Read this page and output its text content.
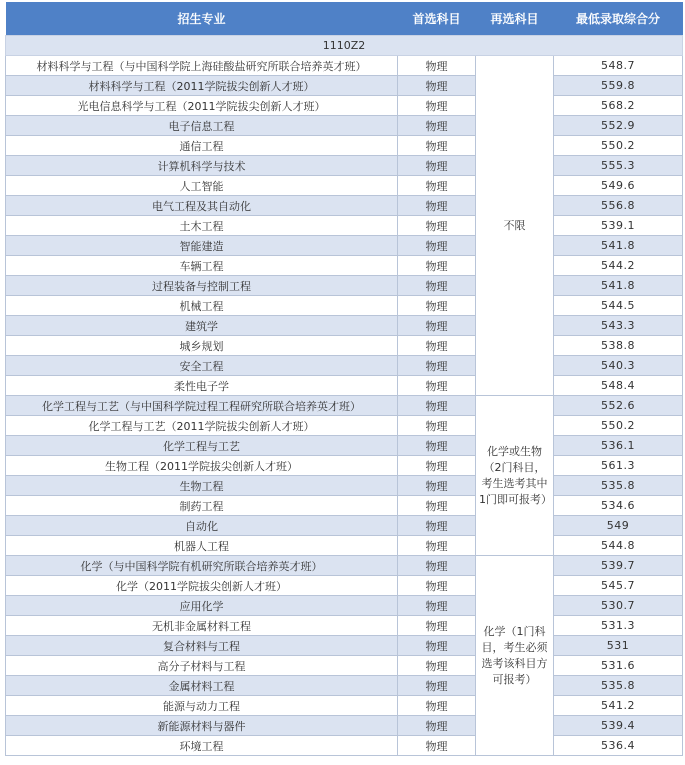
招生专业	首选科目	再选科目	最低录取综合分
1110Z2			
材料科学与工程（与中国科学院上海硅酸盐研究所联合培养英才班）	物理	不限	548.7
材料科学与工程（2011学院拔尖创新人才班）	物理		559.8
光电信息科学与工程（2011学院拔尖创新人才班）	物理		568.2
电子信息工程	物理		552.9
通信工程	物理		550.2
计算机科学与技术	物理		555.3
人工智能	物理		549.6
电气工程及其自动化	物理		556.8
土木工程	物理		539.1
智能建造	物理		541.8
车辆工程	物理		544.2
过程装备与控制工程	物理		541.8
机械工程	物理		544.5
建筑学	物理		543.3
城乡规划	物理		538.8
安全工程	物理		540.3
柔性电子学	物理		548.4
化学工程与工艺（与中国科学院过程工程研究所联合培养英才班）	物理	化学或生物（2门科目，考生选考其中1门即可报考）	552.6
化学工程与工艺（2011学院拔尖创新人才班）	物理		550.2
化学工程与工艺	物理		536.1
生物工程（2011学院拔尖创新人才班）	物理		561.3
生物工程	物理		535.8
制药工程	物理		534.6
自动化	物理		549
机器人工程	物理		544.8
化学（与中国科学院有机研究所联合培养英才班）	物理	化学（1门科目，考生必须选考该科目方可报考）	539.7
化学（2011学院拔尖创新人才班）	物理		545.7
应用化学	物理		530.7
无机非金属材料工程	物理		531.3
复合材料与工程	物理		531
高分子材料与工程	物理		531.6
金属材料工程	物理		535.8
能源与动力工程	物理		541.2
新能源材料与器件	物理		539.4
环境工程	物理		536.4
